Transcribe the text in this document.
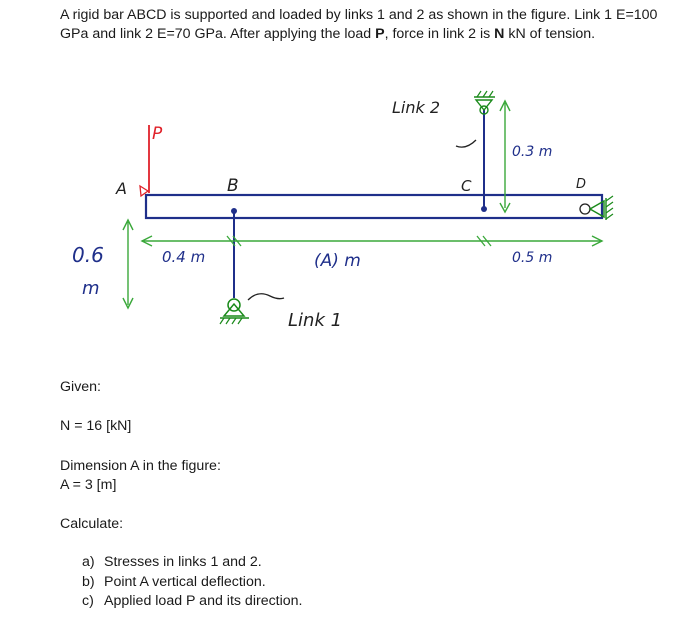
A rigid bar ABCD is supported and loaded by links 1 and 2 as shown in the figure. Link 1 E=100 GPa and link 2 E=70 GPa. After applying the load P, force in link 2 is N kN of tension.
P
A	B
Link 1
Link 2
C
0.3 m
D
0.4 m	(A) m	0.5 m
0.6
m
Given:
N = 16 [kN]
Dimension A in the figure:
A = 3 [m]
Calculate:
a) Stresses in links 1 and 2.
b) Point A vertical deflection.
c) Applied load P and its direction.
